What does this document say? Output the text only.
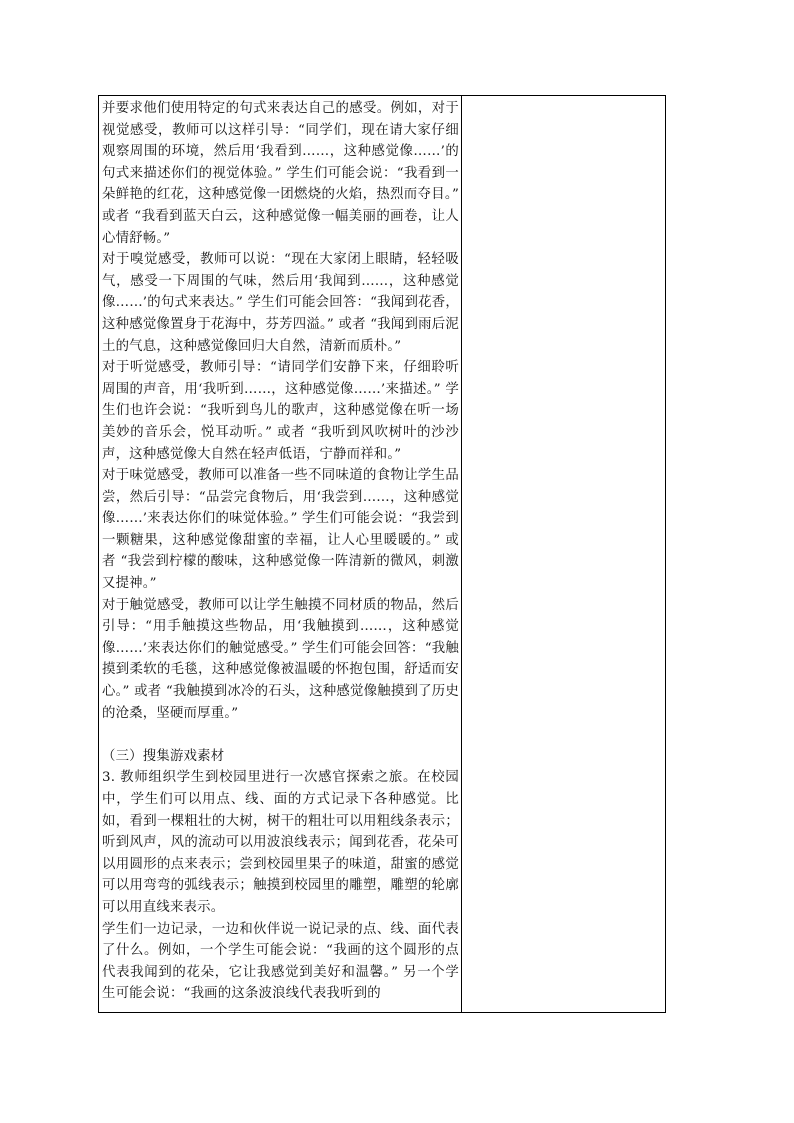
并要求他们使用特定的句式来表达自己的感受。例如，对于视觉感受，教师可以这样引导：“同学们，现在请大家仔细观察周围的环境，然后用‘我看到……，这种感觉像……’的句式来描述你们的视觉体验。” 学生们可能会说：“我看到一朵鲜艳的红花，这种感觉像一团燃烧的火焰，热烈而夺目。” 或者 “我看到蓝天白云，这种感觉像一幅美丽的画卷，让人心情舒畅。”

对于嗅觉感受，教师可以说：“现在大家闭上眼睛，轻轻吸气，感受一下周围的气味，然后用‘我闻到……，这种感觉像……’的句式来表达。” 学生们可能会回答：“我闻到花香，这种感觉像置身于花海中，芬芳四溢。” 或者 “我闻到雨后泥土的气息，这种感觉像回归大自然，清新而质朴。”

对于听觉感受，教师引导：“请同学们安静下来，仔细聆听周围的声音，用‘我听到……，这种感觉像……’来描述。” 学生们也许会说：“我听到鸟儿的歌声，这种感觉像在听一场美妙的音乐会，悦耳动听。” 或者 “我听到风吹树叶的沙沙声，这种感觉像大自然在轻声低语，宁静而祥和。”

对于味觉感受，教师可以准备一些不同味道的食物让学生品尝，然后引导：“品尝完食物后，用‘我尝到……，这种感觉像……’来表达你们的味觉体验。” 学生们可能会说：“我尝到一颗糖果，这种感觉像甜蜜的幸福，让人心里暖暖的。” 或者 “我尝到柠檬的酸味，这种感觉像一阵清新的微风，刺激又提神。”

对于触觉感受，教师可以让学生触摸不同材质的物品，然后引导：“用手触摸这些物品，用‘我触摸到……，这种感觉像……’来表达你们的触觉感受。” 学生们可能会回答：“我触摸到柔软的毛毯，这种感觉像被温暖的怀抱包围，舒适而安心。” 或者 “我触摸到冰冷的石头，这种感觉像触摸到了历史的沧桑，坚硬而厚重。”

（三）搜集游戏素材

3. 教师组织学生到校园里进行一次感官探索之旅。在校园中，学生们可以用点、线、面的方式记录下各种感觉。比如，看到一棵粗壮的大树，树干的粗壮可以用粗线条表示；听到风声，风的流动可以用波浪线表示；闻到花香，花朵可以用圆形的点来表示；尝到校园里果子的味道，甜蜜的感觉可以用弯弯的弧线表示；触摸到校园里的雕塑，雕塑的轮廓可以用直线来表示。

学生们一边记录，一边和伙伴说一说记录的点、线、面代表了什么。例如，一个学生可能会说：“我画的这个圆形的点代表我闻到的花朵，它让我感觉到美好和温馨。” 另一个学生可能会说：“我画的这条波浪线代表我听到的
